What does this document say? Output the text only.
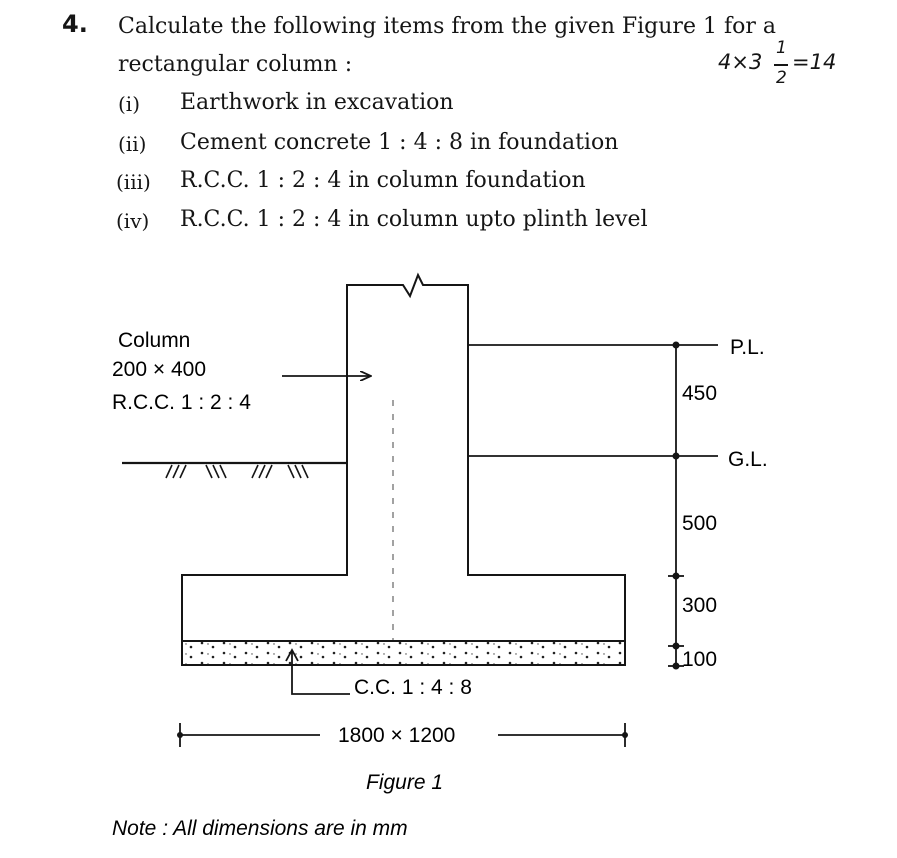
4. Calculate the following items from the given Figure 1 for a
rectangular column :	4×3
1
2
=14
(i) Earthwork in excavation
(ii) Cement concrete 1 : 4 : 8 in foundation
(iii) R.C.C. 1 : 2 : 4 in column foundation
(iv) R.C.C. 1 : 2 : 4 in column upto plinth level
Column
200 × 400
R.C.C. 1 : 2 : 4
P.L.
G.L.
450
500
300
100
C.C. 1 : 4 : 8
1800 × 1200
Figure 1
Note : All dimensions are in mm
